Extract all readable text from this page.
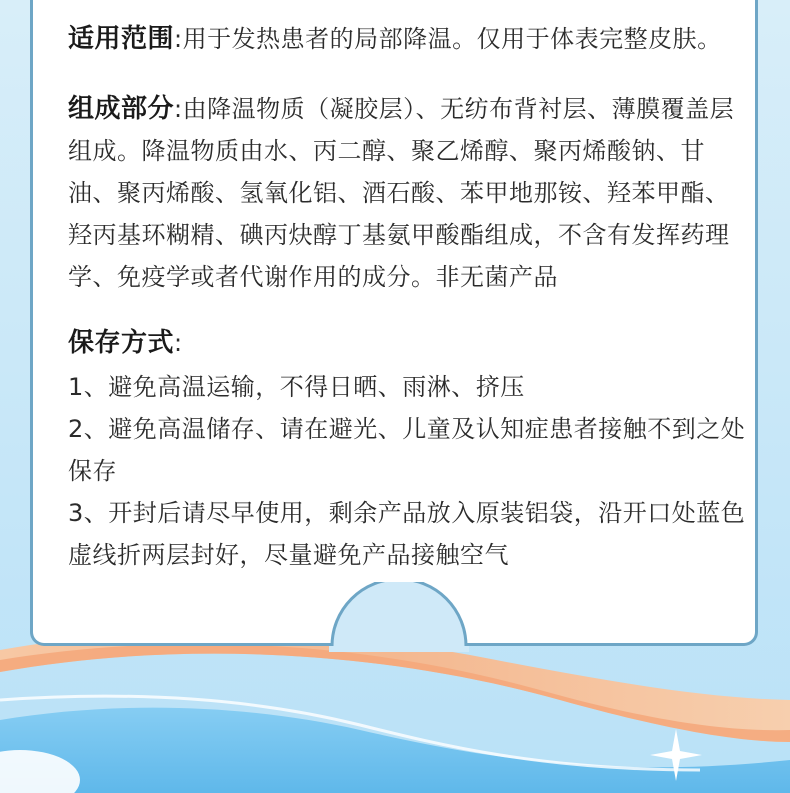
适用范围:用于发热患者的局部降温。仅用于体表完整皮肤。
组成部分:由降温物质（凝胶层）、无纺布背衬层、薄膜覆盖层组成。降温物质由水、丙二醇、聚乙烯醇、聚丙烯酸钠、甘油、聚丙烯酸、氢氧化铝、酒石酸、苯甲地那铵、羟苯甲酯、羟丙基环糊精、碘丙炔醇丁基氨甲酸酯组成，不含有发挥药理学、免疫学或者代谢作用的成分。非无菌产品
保存方式:
1、避免高温运输，不得日晒、雨淋、挤压
2、避免高温储存、请在避光、儿童及认知症患者接触不到之处保存
3、开封后请尽早使用，剩余产品放入原装铝袋，沿开口处蓝色虚线折两层封好，尽量避免产品接触空气
